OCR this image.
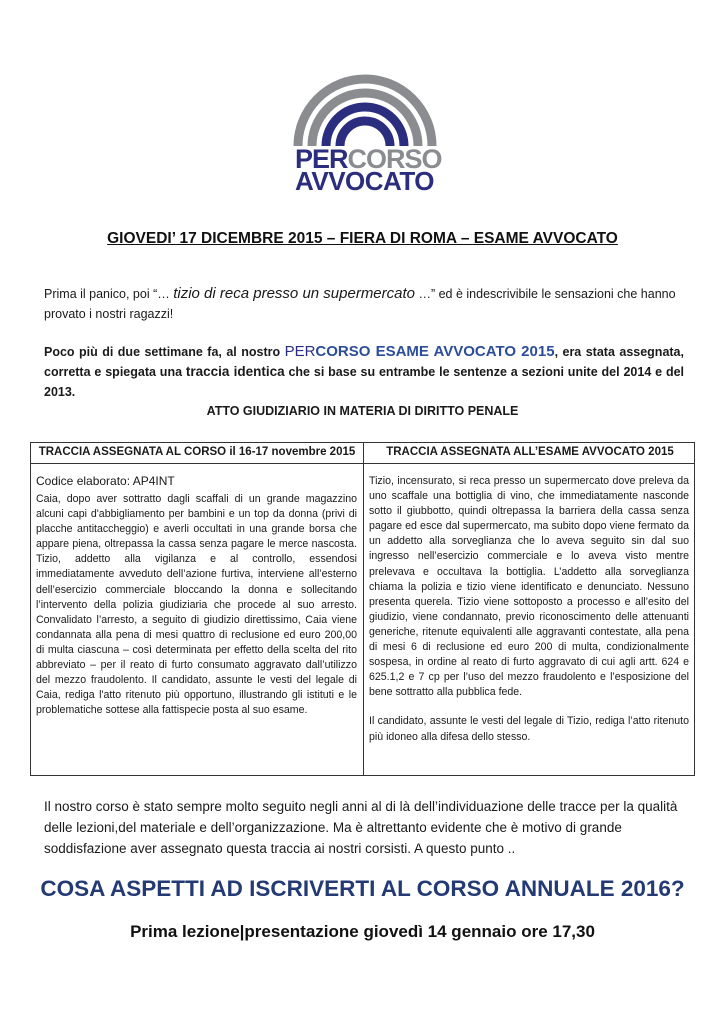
PERCORSO
AVVOCATO
GIOVEDI’ 17 DICEMBRE 2015 – FIERA DI ROMA – ESAME AVVOCATO
Prima il panico, poi “… tizio di reca presso un supermercato …” ed è indescrivibile le sensazioni che hanno provato i nostri ragazzi!
Poco più di due settimane fa, al nostro PERCORSO ESAME AVVOCATO 2015, era stata assegnata, corretta e spiegata una traccia identica che si base su entrambe le sentenze a sezioni unite del 2014 e del 2013.
ATTO GIUDIZIARIO IN MATERIA DI DIRITTO PENALE
TRACCIA ASSEGNATA AL CORSO il 16-17 novembre 2015	TRACCIA ASSEGNATA ALL’ESAME AVVOCATO 2015
Codice elaborato: AP4INT
Caia, dopo aver sottratto dagli scaffali di un grande magazzino alcuni capi d'abbigliamento per bambini e un top da donna (privi di placche antitaccheggio) e averli occultati in una grande borsa che appare piena, oltrepassa la cassa senza pagare le merce nascosta. Tizio, addetto alla vigilanza e al controllo, essendosi immediatamente avveduto dell’azione furtiva, interviene all’esterno dell’esercizio commerciale bloccando la donna e sollecitando l’intervento della polizia giudiziaria che procede al suo arresto. Convalidato l’arresto, a seguito di giudizio direttissimo, Caia viene condannata alla pena di mesi quattro di reclusione ed euro 200,00 di multa ciascuna – così determinata per effetto della scelta del rito abbreviato – per il reato di furto consumato aggravato dall’utilizzo del mezzo fraudolento. Il candidato, assunte le vesti del legale di Caia, rediga l'atto ritenuto più opportuno, illustrando gli istituti e le problematiche sottese alla fattispecie posta al suo esame.

Tizio, incensurato, si reca presso un supermercato dove preleva da uno scaffale una bottiglia di vino, che immediatamente nasconde sotto il giubbotto, quindi oltrepassa la barriera della cassa senza pagare ed esce dal supermercato, ma subito dopo viene fermato da un addetto alla sorveglianza che lo aveva seguito sin dal suo ingresso nell’esercizio commerciale e lo aveva visto mentre prelevava e occultava la bottiglia. L’addetto alla sorveglianza chiama la polizia e tizio viene identificato e denunciato. Nessuno presenta querela. Tizio viene sottoposto a processo e all’esito del giudizio, viene condannato, previo riconoscimento delle attenuanti generiche, ritenute equivalenti alle aggravanti contestate, alla pena di mesi 6 di reclusione ed euro 200 di multa, condizionalmente sospesa, in ordine al reato di furto aggravato di cui agli artt. 624 e 625.1,2 e 7 cp per l’uso del mezzo fraudolento e l’esposizione del bene sottratto alla pubblica fede.

Il candidato, assunte le vesti del legale di Tizio, rediga l’atto ritenuto più idoneo alla difesa dello stesso.

Il nostro corso è stato sempre molto seguito negli anni al di là dell’individuazione delle tracce per la qualità delle lezioni,del materiale e dell’organizzazione. Ma è altrettanto evidente che è motivo di grande soddisfazione aver assegnato questa traccia ai nostri corsisti. A questo punto ..
COSA ASPETTI AD ISCRIVERTI AL CORSO ANNUALE 2016?
Prima lezione|presentazione giovedì 14 gennaio ore 17,30
